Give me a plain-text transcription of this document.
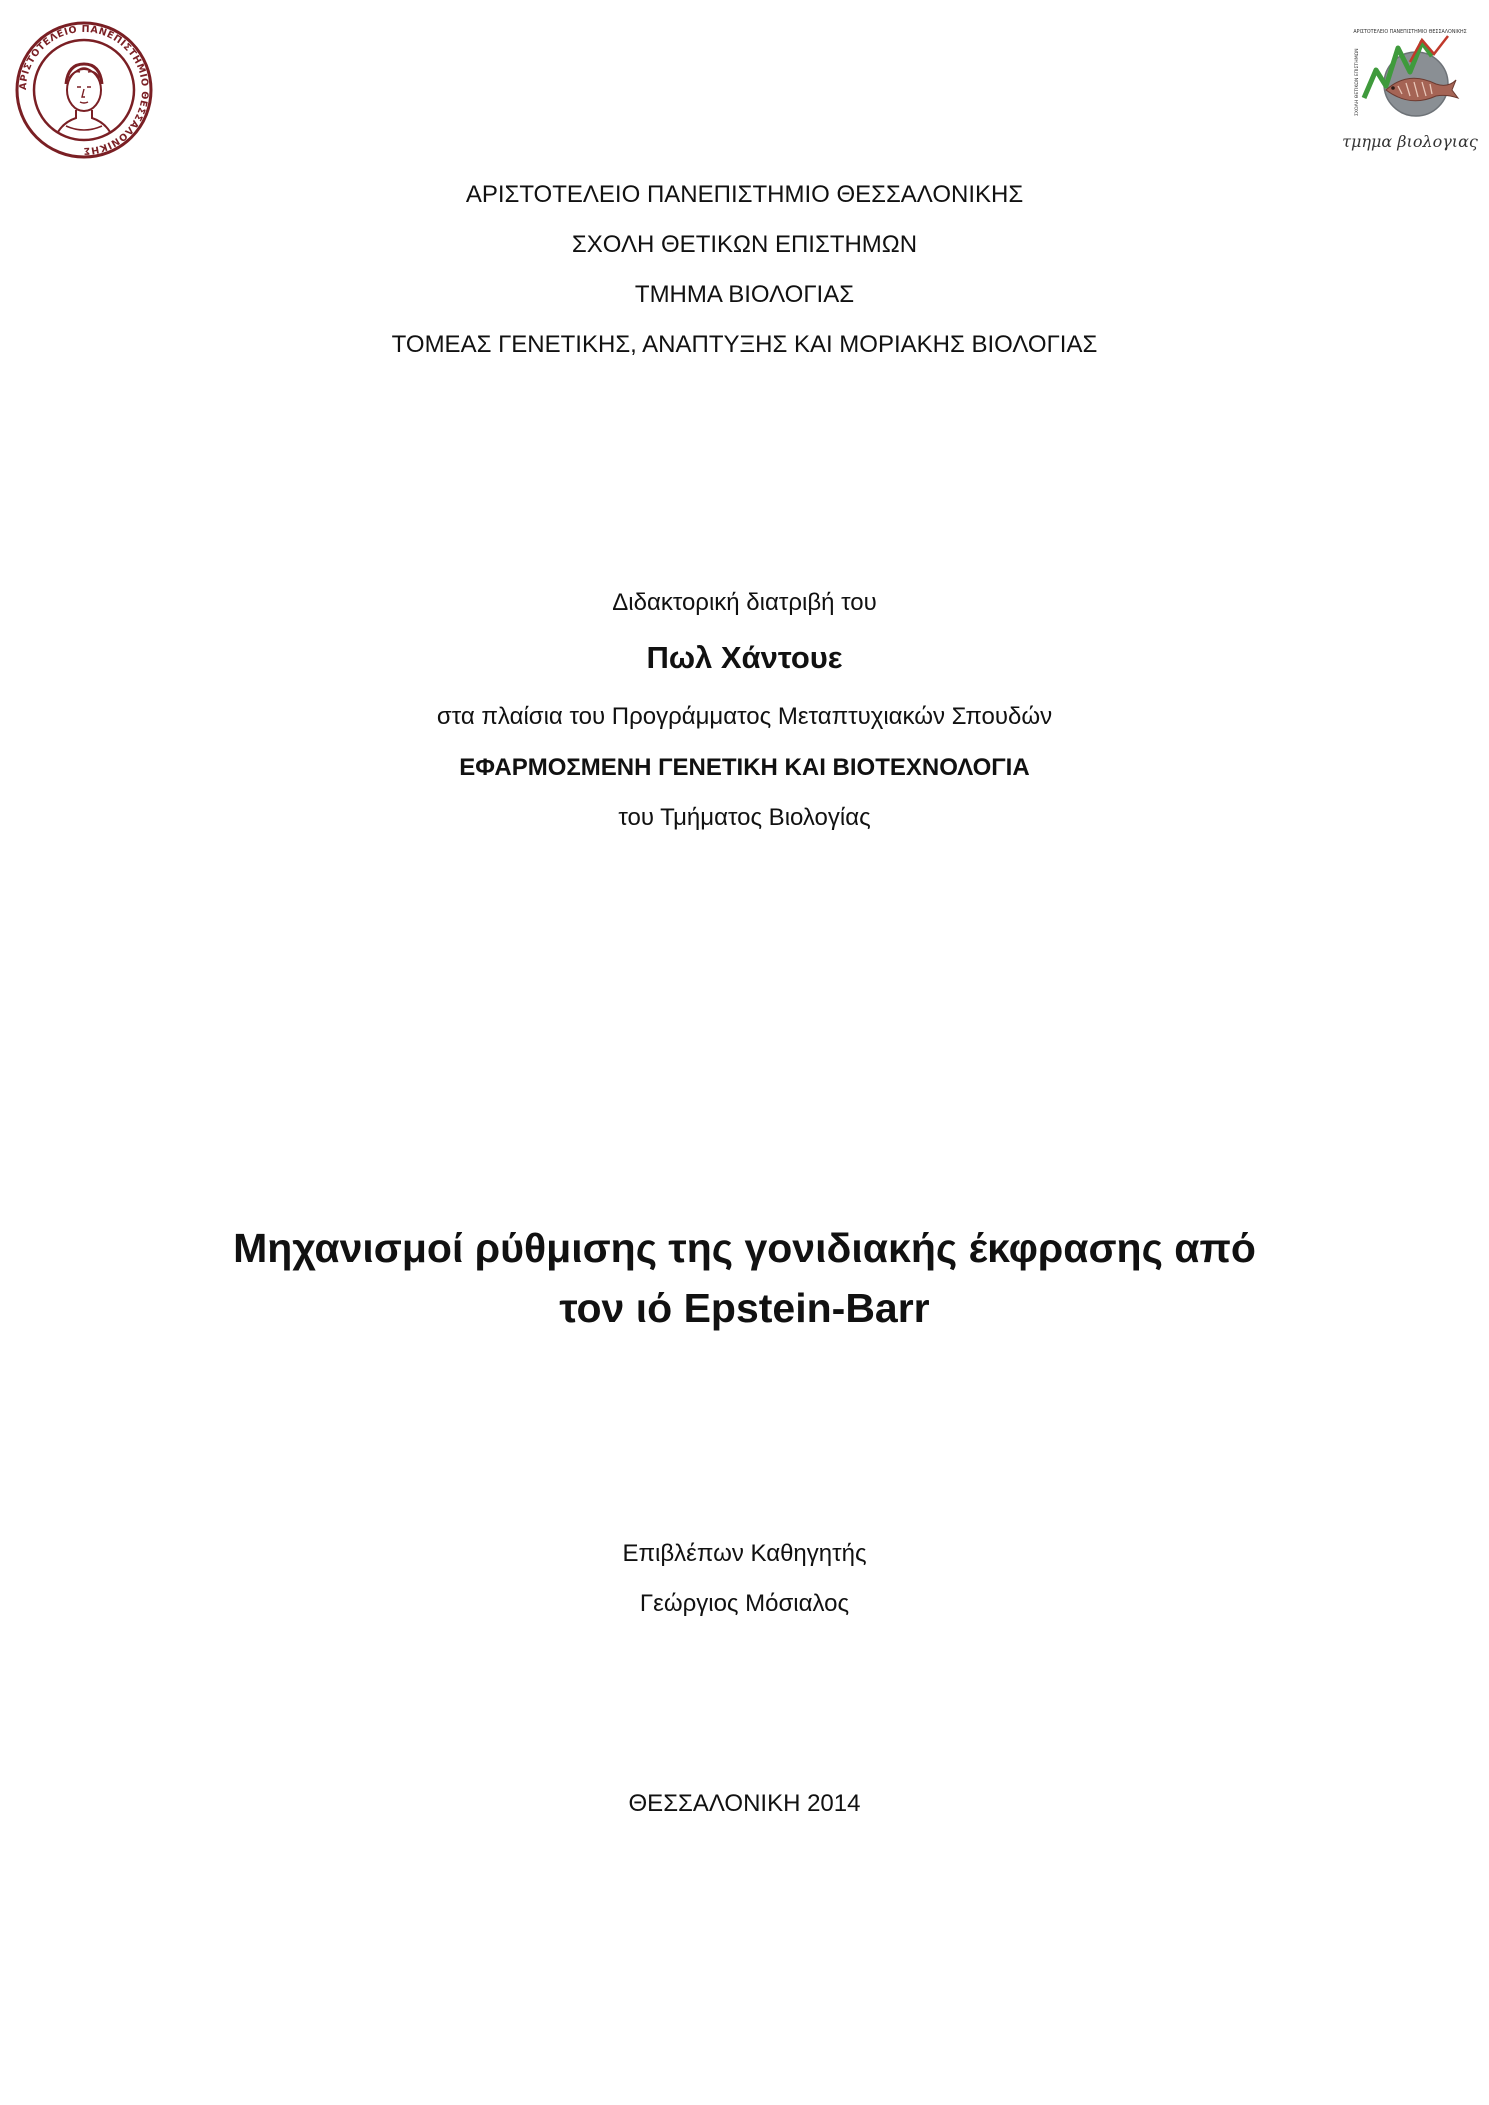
ΑΡΙΣΤΟΤΕΛΕΙΟ ΠΑΝΕΠΙΣΤΗΜΙΟ ΘΕΣΣΑΛΟΝΙΚΗΣ
ΑΡΙΣΤΟΤΕΛΕΙΟ ΠΑΝΕΠΙΣΤΗΜΙΟ ΘΕΣΣΑΛΟΝΙΚΗΣ
ΣΧΟΛΗ ΘΕΤΙΚΩΝ ΕΠΙΣΤΗΜΩΝ
τμημα βιολογιας
ΑΡΙΣΤΟΤΕΛΕΙΟ ΠΑΝΕΠΙΣΤΗΜΙΟ ΘΕΣΣΑΛΟΝΙΚΗΣ
ΣΧΟΛΗ ΘΕΤΙΚΩΝ ΕΠΙΣΤΗΜΩΝ
ΤΜΗΜΑ ΒΙΟΛΟΓΙΑΣ
ΤΟΜΕΑΣ ΓΕΝΕΤΙΚΗΣ, ΑΝΑΠΤΥΞΗΣ ΚΑΙ ΜΟΡΙΑΚΗΣ ΒΙΟΛΟΓΙΑΣ
Διδακτορική διατριβή του
Πωλ Χάντουε
στα πλαίσια του Προγράμματος Μεταπτυχιακών Σπουδών
ΕΦΑΡΜΟΣΜΕΝΗ ΓΕΝΕΤΙΚΗ ΚΑΙ ΒΙΟΤΕΧΝΟΛΟΓΙΑ
του Τμήματος Βιολογίας
Μηχανισμοί ρύθμισης της γονιδιακής έκφρασης από
τον ιό Epstein-Barr
Επιβλέπων Καθηγητής
Γεώργιος Μόσιαλος
ΘΕΣΣΑΛΟΝΙΚΗ 2014
